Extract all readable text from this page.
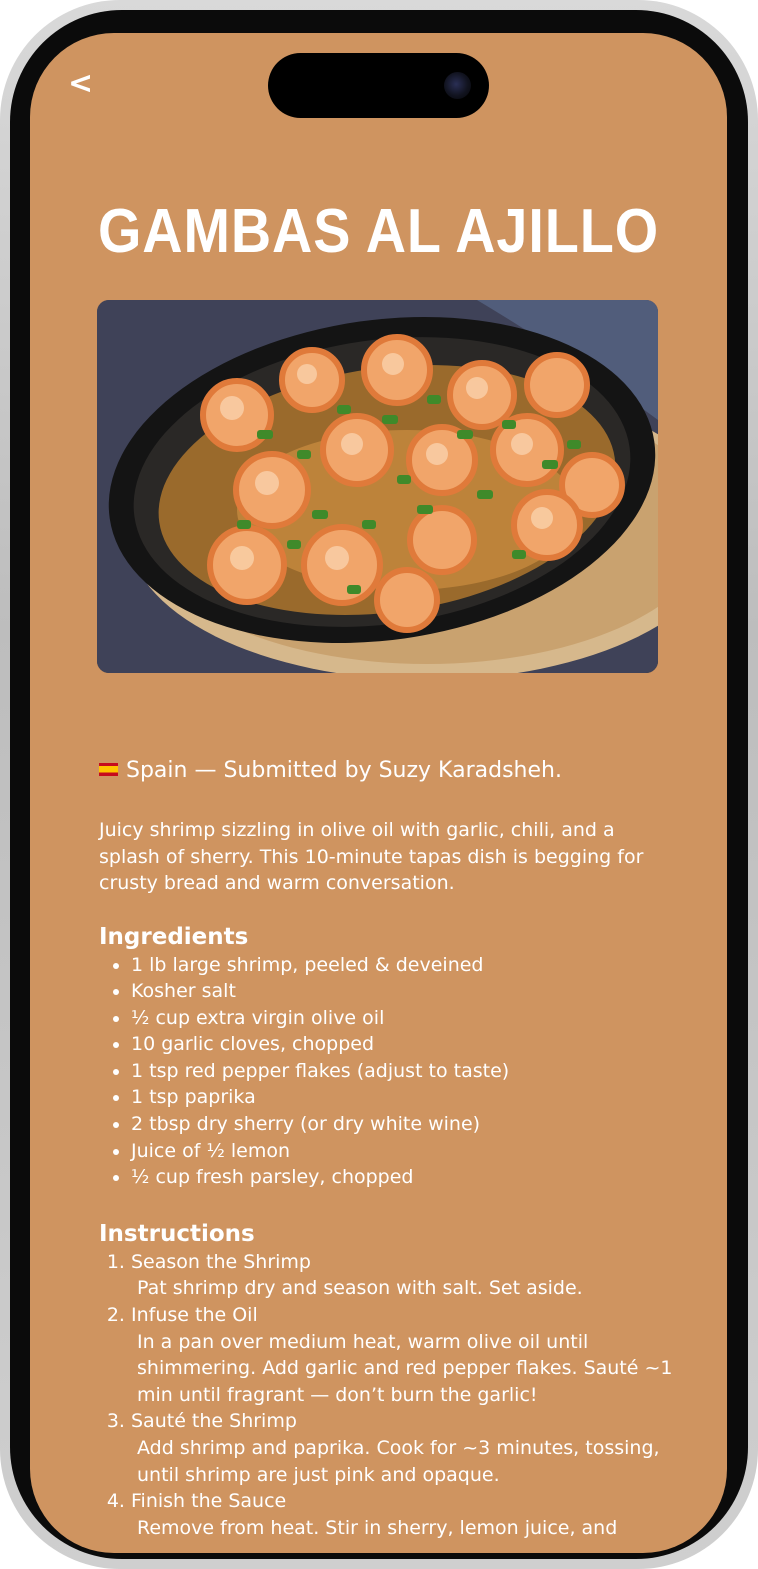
<
GAMBAS AL AJILLO

Spain — Submitted by Suzy Karadsheh.

Juicy shrimp sizzling in olive oil with garlic, chili, and a splash of sherry. This 10-minute tapas dish is begging for crusty bread and warm conversation.

Ingredients
• 1 lb large shrimp, peeled & deveined
• Kosher salt
• ½ cup extra virgin olive oil
• 10 garlic cloves, chopped
• 1 tsp red pepper flakes (adjust to taste)
• 1 tsp paprika
• 2 tbsp dry sherry (or dry white wine)
• Juice of ½ lemon
• ½ cup fresh parsley, chopped
Instructions
1. Season the Shrimp
Pat shrimp dry and season with salt. Set aside.
2. Infuse the Oil
In a pan over medium heat, warm olive oil until shimmering. Add garlic and red pepper flakes. Sauté ~1 min until fragrant — don’t burn the garlic!
3. Sauté the Shrimp
Add shrimp and paprika. Cook for ~3 minutes, tossing, until shrimp are just pink and opaque.
4. Finish the Sauce
Remove from heat. Stir in sherry, lemon juice, and
